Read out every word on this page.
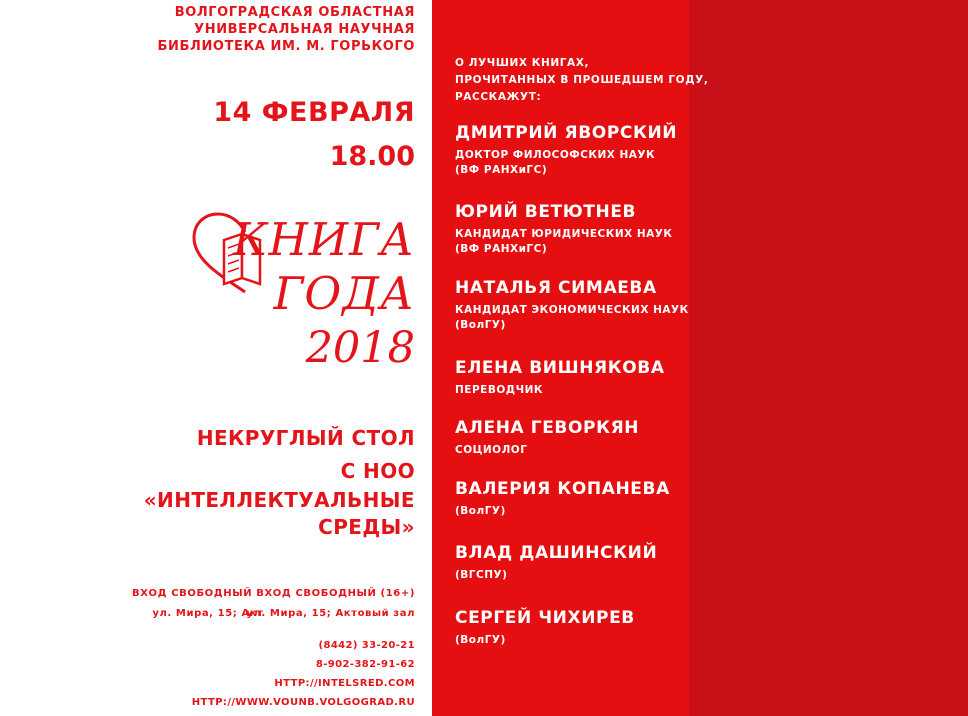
ВОЛГОГРАДСКАЯ ОБЛАСТНАЯ
УНИВЕРСАЛЬНАЯ НАУЧНАЯ
БИБЛИОТЕКА ИМ. М. ГОРЬКОГО
14 ФЕВРАЛЯ
18.00
КНИГА
ГОДА
2018
НЕКРУГЛЫЙ СТОЛ
С НОО
«ИНТЕЛЛЕКТУАЛЬНЫЕ
СРЕДЫ»
ВХОД СВОБОДНЫЙ ВХОД СВОБОДНЫЙ (16+)
ул. Мира, 15; Акт
ул. Мира, 15; Актовый зал
(8442) 33-20-21
8-902-382-91-62
HTTP://INTELSRED.COM
HTTP://WWW.VOUNB.VOLGOGRAD.RU
О ЛУЧШИХ КНИГАХ,
ПРОЧИТАННЫХ В ПРОШЕДШЕМ ГОДУ,
РАССКАЖУТ:
ДМИТРИЙ ЯВОРСКИЙ
ДОКТОР ФИЛОСОФСКИХ НАУК
(ВФ РАНХиГС)
ЮРИЙ ВЕТЮТНЕВ
КАНДИДАТ ЮРИДИЧЕСКИХ НАУК
(ВФ РАНХиГС)
НАТАЛЬЯ СИМАЕВА
КАНДИДАТ ЭКОНОМИЧЕСКИХ НАУК
(ВолГУ)
ЕЛЕНА ВИШНЯКОВА
ПЕРЕВОДЧИК
АЛЕНА ГЕВОРКЯН
СОЦИОЛОГ
ВАЛЕРИЯ КОПАНЕВА
(ВолГУ)
ВЛАД ДАШИНСКИЙ
(ВГСПУ)
СЕРГЕЙ ЧИХИРЕВ
(ВолГУ)
